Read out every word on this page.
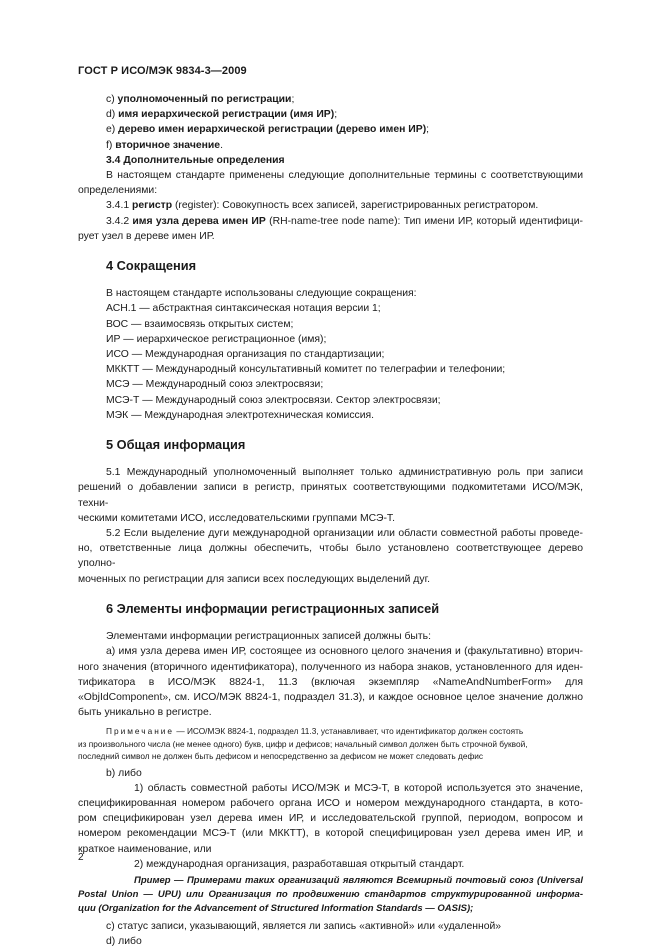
ГОСТ Р ИСО/МЭК 9834-3—2009
c) уполномоченный по регистрации;
d) имя иерархической регистрации (имя ИР);
e) дерево имен иерархической регистрации (дерево имен ИР);
f) вторичное значение.
3.4 Дополнительные определения
В настоящем стандарте применены следующие дополнительные термины с соответствующими определениями:
3.4.1 регистр (register): Совокупность всех записей, зарегистрированных регистратором.
3.4.2 имя узла дерева имен ИР (RH-name-tree node name): Тип имени ИР, который идентифици-
рует узел в дереве имен ИР.
4 Сокращения
В настоящем стандарте использованы следующие сокращения:
АСН.1 — абстрактная синтаксическая нотация версии 1;
ВОС — взаимосвязь открытых систем;
ИР — иерархическое регистрационное (имя);
ИСО — Международная организация по стандартизации;
МККТТ — Международный консультативный комитет по телеграфии и телефонии;
МСЭ — Международный союз электросвязи;
МСЭ-Т — Международный союз электросвязи. Сектор электросвязи;
МЭК — Международная электротехническая комиссия.
5 Общая информация
5.1 Международный уполномоченный выполняет только административную роль при записи
решений о добавлении записи в регистр, принятых соответствующими подкомитетами ИСО/МЭК, техни-
ческими комитетами ИСО, исследовательскими группами МСЭ-Т.
5.2 Если выделение дуги международной организации или области совместной работы проведе-
но, ответственные лица должны обеспечить, чтобы было установлено соответствующее дерево уполно-
моченных по регистрации для записи всех последующих выделений дуг.
6 Элементы информации регистрационных записей
Элементами информации регистрационных записей должны быть:
a) имя узла дерева имен ИР, состоящее из основного целого значения и (факультативно) вторич-
ного значения (вторичного идентификатора), полученного из набора знаков, установленного для иден-
тификатора в ИСО/МЭК 8824-1, 11.3 (включая экземпляр «NameAndNumberForm» для
«ObjIdComponent», см. ИСО/МЭК 8824-1, подраздел 31.3), и каждое основное целое значение должно
быть уникально в регистре.
Примечание — ИСО/МЭК 8824-1, подраздел 11.3, устанавливает, что идентификатор должен состоять
из произвольного числа (не менее одного) букв, цифр и дефисов; начальный символ должен быть строчной буквой,
последний символ не должен быть дефисом и непосредственно за дефисом не может следовать дефис
b) либо
1) область совместной работы ИСО/МЭК и МСЭ-Т, в которой используется это значение,
спецификированная номером рабочего органа ИСО и номером международного стандарта, в кото-
ром спецификирован узел дерева имен ИР, и исследовательской группой, периодом, вопросом и
номером рекомендации МСЭ-Т (или МККТТ), в которой специфицирован узел дерева имен ИР, и
краткое наименование, или
2) международная организация, разработавшая открытый стандарт.
Пример — Примерами таких организаций являются Всемирный почтовый союз (Universal
Postal Union — UPU) или Организация по продвижению стандартов структурированной информа-
ции (Organization for the Advancement of Structured Information Standards — OASIS);
c) статус записи, указывающий, является ли запись «активной» или «удаленной»
d) либо
2
